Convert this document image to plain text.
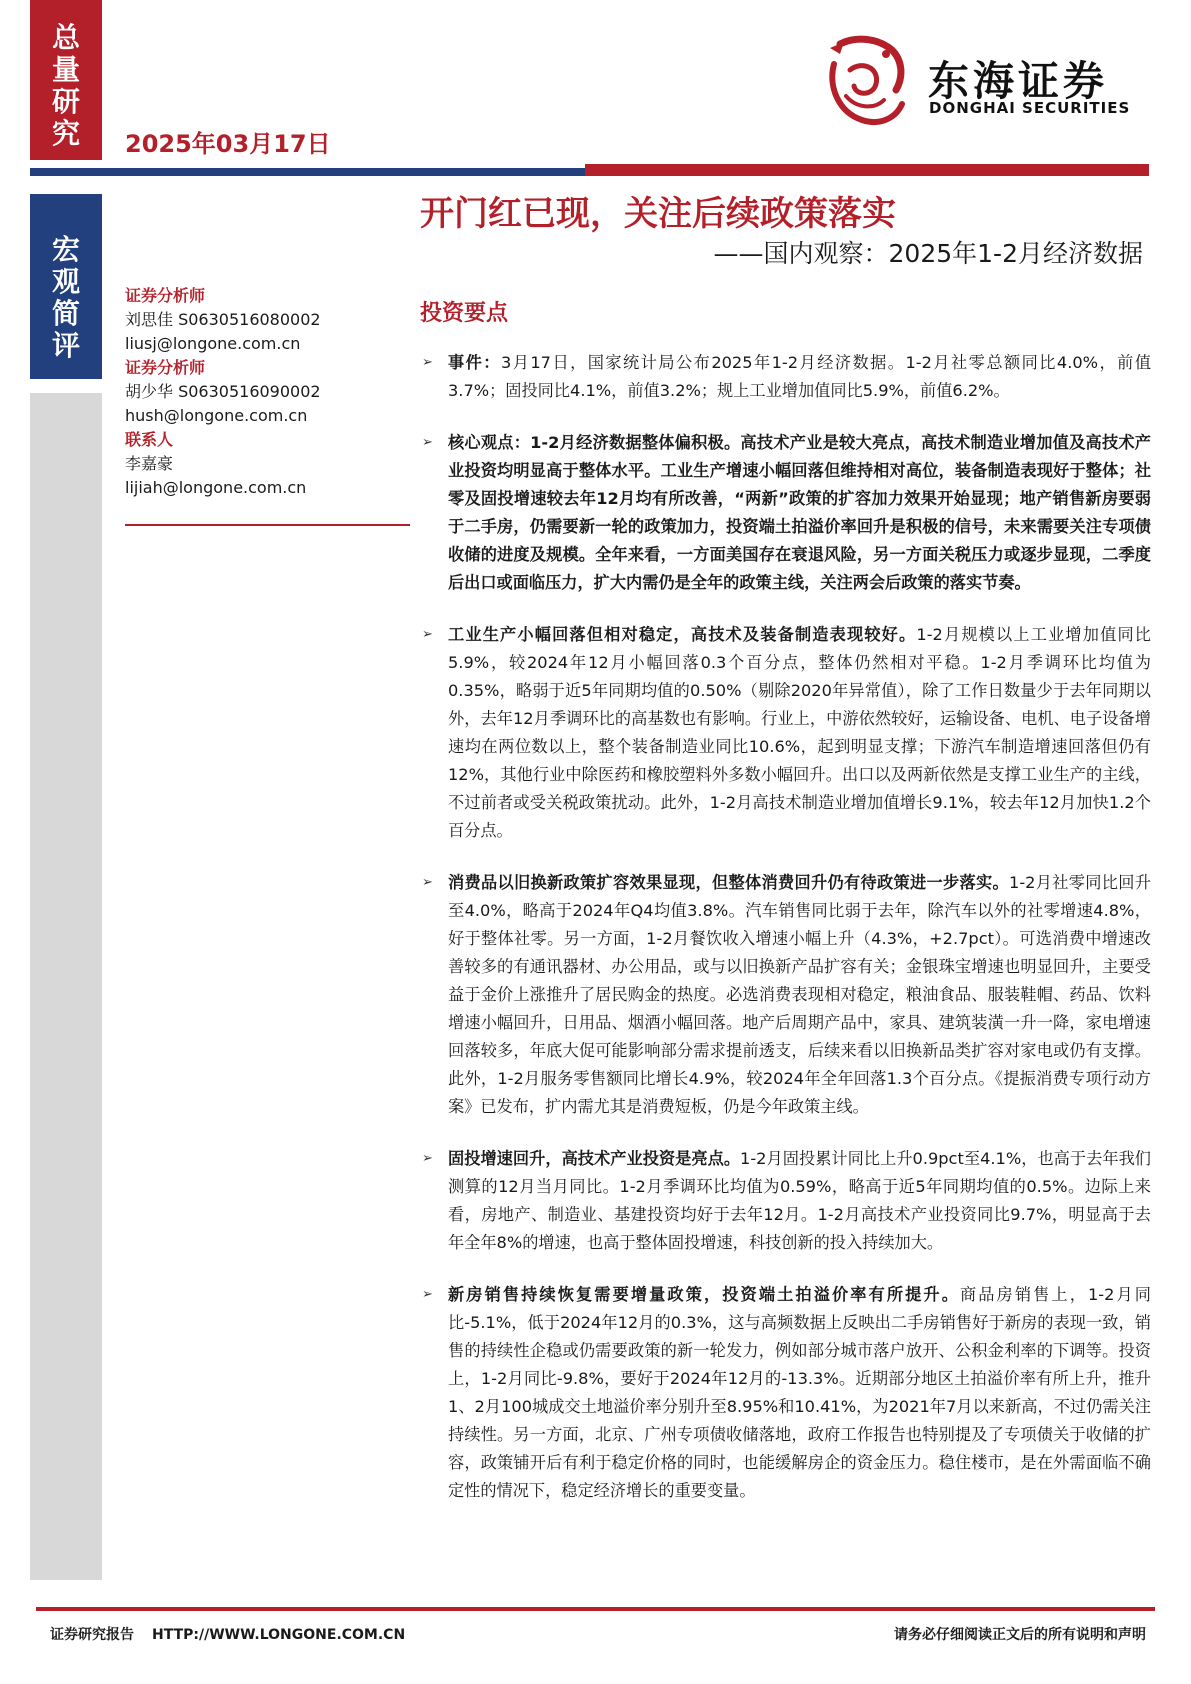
总量研究
宏观简评
2025年03月17日
东海证券
DONGHAI SECURITIES
开门红已现，关注后续政策落实
——国内观察：2025年1-2月经济数据
证券分析师
刘思佳 S0630516080002
liusj@longone.com.cn
证券分析师
胡少华 S0630516090002
hush@longone.com.cn
联系人
李嘉豪
lijiah@longone.com.cn
投资要点
➢ 事件：3月17日，国家统计局公布2025年1-2月经济数据。1-2月社零总额同比4.0%，前值3.7%；固投同比4.1%，前值3.2%；规上工业增加值同比5.9%，前值6.2%。
➢ 核心观点：1-2月经济数据整体偏积极。高技术产业是较大亮点，高技术制造业增加值及高技术产业投资均明显高于整体水平。工业生产增速小幅回落但维持相对高位，装备制造表现好于整体；社零及固投增速较去年12月均有所改善，“两新”政策的扩容加力效果开始显现；地产销售新房要弱于二手房，仍需要新一轮的政策加力，投资端土拍溢价率回升是积极的信号，未来需要关注专项债收储的进度及规模。全年来看，一方面美国存在衰退风险，另一方面关税压力或逐步显现，二季度后出口或面临压力，扩大内需仍是全年的政策主线，关注两会后政策的落实节奏。
➢ 工业生产小幅回落但相对稳定，高技术及装备制造表现较好。1-2月规模以上工业增加值同比5.9%，较2024年12月小幅回落0.3个百分点，整体仍然相对平稳。1-2月季调环比均值为0.35%，略弱于近5年同期均值的0.50%（剔除2020年异常值），除了工作日数量少于去年同期以外，去年12月季调环比的高基数也有影响。行业上，中游依然较好，运输设备、电机、电子设备增速均在两位数以上，整个装备制造业同比10.6%，起到明显支撑；下游汽车制造增速回落但仍有12%，其他行业中除医药和橡胶塑料外多数小幅回升。出口以及两新依然是支撑工业生产的主线，不过前者或受关税政策扰动。此外，1-2月高技术制造业增加值增长9.1%，较去年12月加快1.2个百分点。
➢ 消费品以旧换新政策扩容效果显现，但整体消费回升仍有待政策进一步落实。1-2月社零同比回升至4.0%，略高于2024年Q4均值3.8%。汽车销售同比弱于去年，除汽车以外的社零增速4.8%，好于整体社零。另一方面，1-2月餐饮收入增速小幅上升（4.3%，+2.7pct）。可选消费中增速改善较多的有通讯器材、办公用品，或与以旧换新产品扩容有关；金银珠宝增速也明显回升，主要受益于金价上涨推升了居民购金的热度。必选消费表现相对稳定，粮油食品、服装鞋帽、药品、饮料增速小幅回升，日用品、烟酒小幅回落。地产后周期产品中，家具、建筑装潢一升一降，家电增速回落较多，年底大促可能影响部分需求提前透支，后续来看以旧换新品类扩容对家电或仍有支撑。此外，1-2月服务零售额同比增长4.9%，较2024年全年回落1.3个百分点。《提振消费专项行动方案》已发布，扩内需尤其是消费短板，仍是今年政策主线。
➢ 固投增速回升，高技术产业投资是亮点。1-2月固投累计同比上升0.9pct至4.1%，也高于去年我们测算的12月当月同比。1-2月季调环比均值为0.59%，略高于近5年同期均值的0.5%。边际上来看，房地产、制造业、基建投资均好于去年12月。1-2月高技术产业投资同比9.7%，明显高于去年全年8%的增速，也高于整体固投增速，科技创新的投入持续加大。
➢ 新房销售持续恢复需要增量政策，投资端土拍溢价率有所提升。商品房销售上，1-2月同比-5.1%，低于2024年12月的0.3%，这与高频数据上反映出二手房销售好于新房的表现一致，销售的持续性企稳或仍需要政策的新一轮发力，例如部分城市落户放开、公积金利率的下调等。投资上，1-2月同比-9.8%，要好于2024年12月的-13.3%。近期部分地区土拍溢价率有所上升，推升1、2月100城成交土地溢价率分别升至8.95%和10.41%，为2021年7月以来新高，不过仍需关注持续性。另一方面，北京、广州专项债收储落地，政府工作报告也特别提及了专项债关于收储的扩容，政策铺开后有利于稳定价格的同时，也能缓解房企的资金压力。稳住楼市，是在外需面临不确定性的情况下，稳定经济增长的重要变量。
证券研究报告 HTTP://WWW.LONGONE.COM.CN	请务必仔细阅读正文后的所有说明和声明
